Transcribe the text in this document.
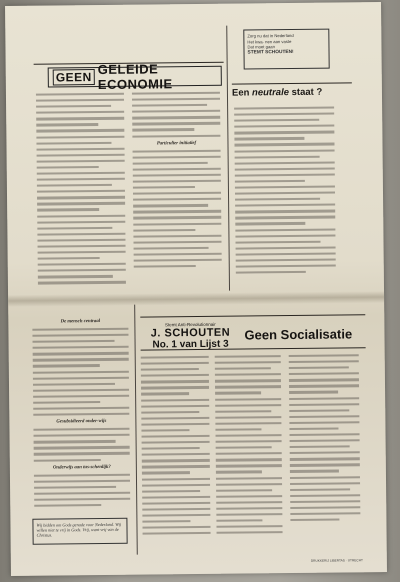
GEEN
GELEIDE ECONOMIE
Zorg nu dat in Nederland
Het kwa- nen aan vaste
Dat moet gaan
STEMT SCHOUTEN!
Een neutrale staat ?
Particulier initiatief
Stemt Anti-Revolutionnair
J. SCHOUTEN
No. 1 van Lijst 3
Geen Socialisatie
De mensch centraal
Gesubsidieerd onder-wijs
Onderwijs aan tus-schenlijk?
Wij bidden om Gods genade voor Nederland. Wij willen niet te vrij in Gods. Vrij, want vrij van de Christus.
DRUKKERIJ LIBERTAS · UTRECHT
